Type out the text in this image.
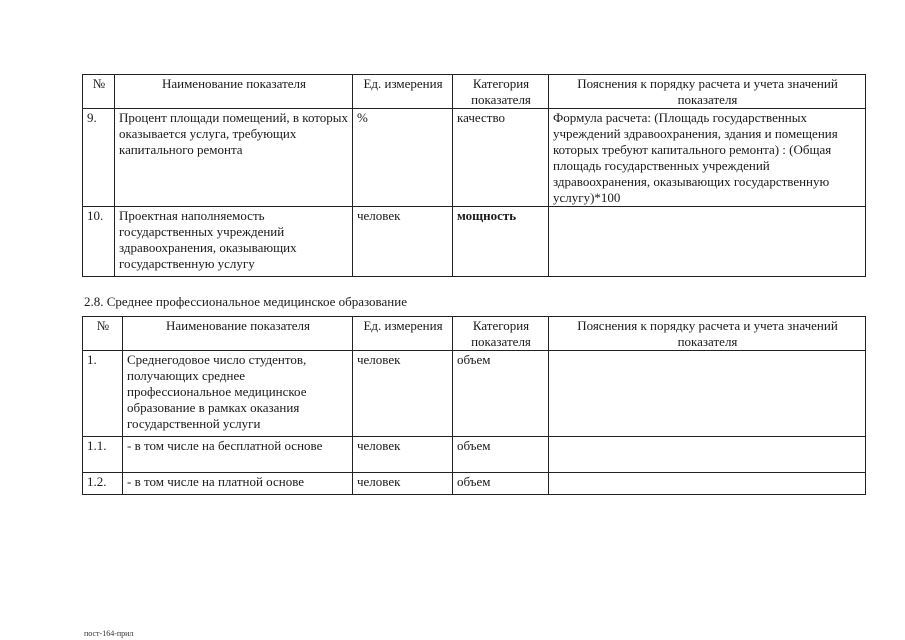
№	Наименование показателя	Ед. измерения	Категория показателя	Пояснения к порядку расчета и учета значений показателя
9.	Процент площади помещений, в которых оказывается услуга, требующих капитального ремонта	%	качество	Формула расчета: (Площадь государственных учреждений здравоохранения, здания и помещения которых требуют капитального ремонта) : (Общая площадь государственных учреждений здравоохранения, оказывающих государственную услугу)*100
10.	Проектная наполняемость государственных учреждений здравоохранения, оказывающих государственную услугу	человек	мощность	
2.8. Среднее профессиональное медицинское образование
№	Наименование показателя	Ед. измерения	Категория показателя	Пояснения к порядку расчета и учета значений показателя
1.	Среднегодовое число студентов, получающих среднее профессиональное медицинское образование в рамках оказания государственной услуги	человек	объем	
1.1.	- в том числе на бесплатной основе	человек	объем	
1.2.	- в том числе на платной основе	человек	объем	
пост-164-прил
